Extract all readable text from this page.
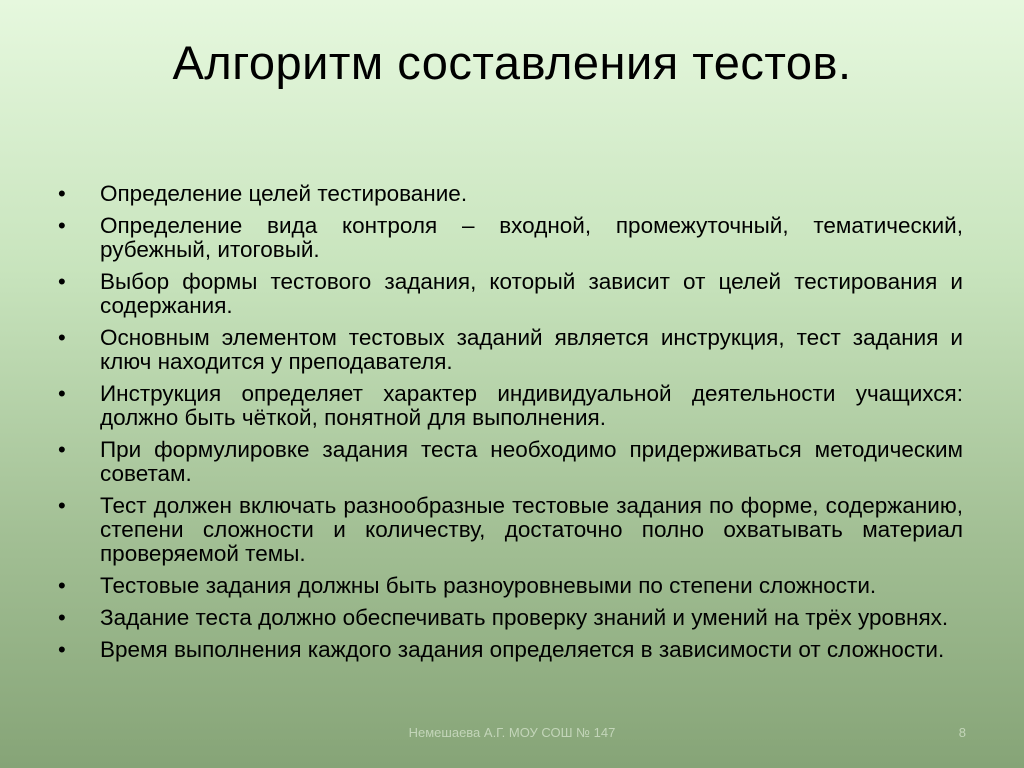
Алгоритм составления тестов.
•	Определение целей тестирование.
•	Определение вида контроля – входной, промежуточный, тематический, рубежный, итоговый.
•	Выбор формы тестового задания, который зависит от целей тестирования и содержания.
•	Основным элементом тестовых заданий является инструкция, тест задания и ключ находится у преподавателя.
•	Инструкция определяет характер индивидуальной деятельности учащихся: должно быть чёткой, понятной для выполнения.
•	При формулировке задания теста необходимо придерживаться методическим советам.
•	Тест должен включать разнообразные тестовые задания по форме, содержанию, степени сложности и количеству, достаточно полно охватывать материал проверяемой темы.
•	Тестовые задания должны быть разноуровневыми по степени сложности.
•	Задание теста должно обеспечивать проверку знаний и умений на трёх уровнях.
•	Время выполнения каждого задания определяется в зависимости от сложности.
Немешаева А.Г. МОУ СОШ № 147	8
